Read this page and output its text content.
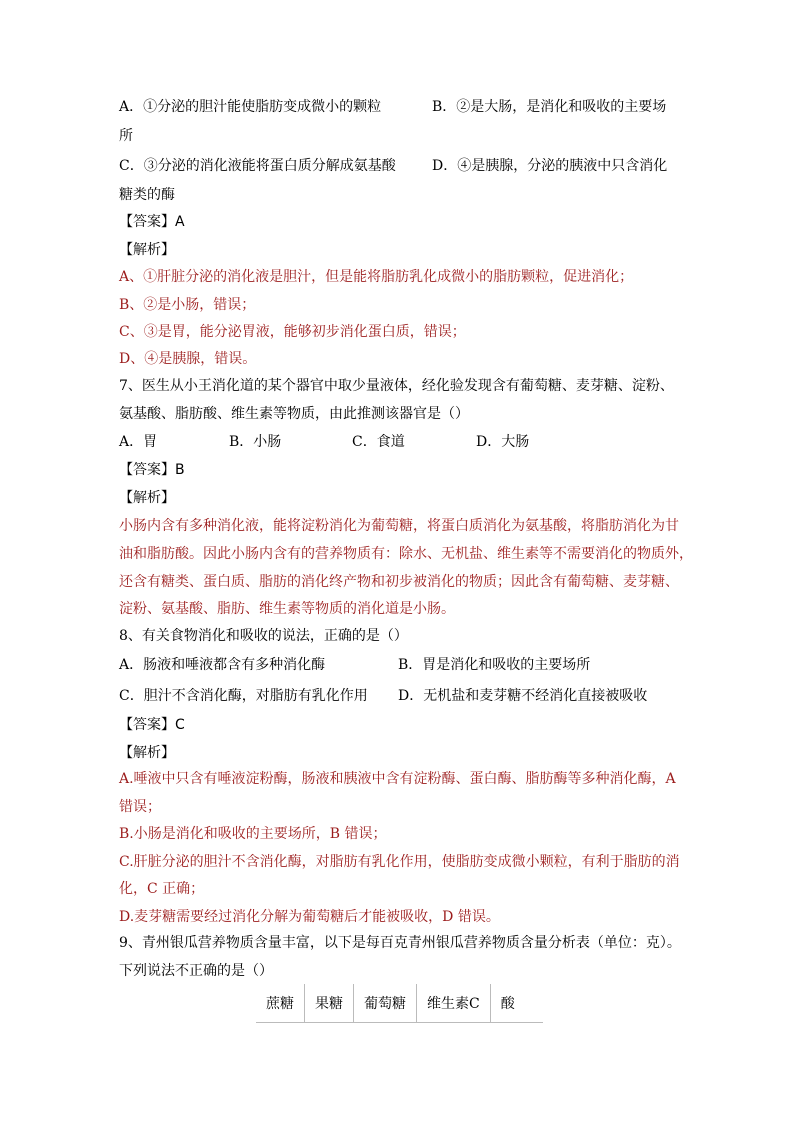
A．①分泌的胆汁能使脂肪变成微小的颗粒	B．②是大肠，是消化和吸收的主要场
所
C．③分泌的消化液能将蛋白质分解成氨基酸	D．④是胰腺，分泌的胰液中只含消化
糖类的酶
【答案】A
【解析】
A、①肝脏分泌的消化液是胆汁，但是能将脂肪乳化成微小的脂肪颗粒，促进消化；
B、②是小肠，错误；
C、③是胃，能分泌胃液，能够初步消化蛋白质，错误；
D、④是胰腺，错误。
7、医生从小王消化道的某个器官中取少量液体，经化验发现含有葡萄糖、麦芽糖、淀粉、
氨基酸、脂肪酸、维生素等物质，由此推测该器官是（）
A．胃	B．小肠	C．食道	D．大肠
【答案】B
【解析】
小肠内含有多种消化液，能将淀粉消化为葡萄糖，将蛋白质消化为氨基酸，将脂肪消化为甘
油和脂肪酸。因此小肠内含有的营养物质有：除水、无机盐、维生素等不需要消化的物质外，
还含有糖类、蛋白质、脂肪的消化终产物和初步被消化的物质；因此含有葡萄糖、麦芽糖、
淀粉、氨基酸、脂肪、维生素等物质的消化道是小肠。
8、有关食物消化和吸收的说法，正确的是（）
A．肠液和唾液都含有多种消化酶	B．胃是消化和吸收的主要场所
C．胆汁不含消化酶，对脂肪有乳化作用 D．无机盐和麦芽糖不经消化直接被吸收
【答案】C
【解析】
A.唾液中只含有唾液淀粉酶，肠液和胰液中含有淀粉酶、蛋白酶、脂肪酶等多种消化酶，A
错误；
B.小肠是消化和吸收的主要场所，B 错误；
C.肝脏分泌的胆汁不含消化酶，对脂肪有乳化作用，使脂肪变成微小颗粒，有利于脂肪的消
化，C 正确；
D.麦芽糖需要经过消化分解为葡萄糖后才能被吸收，D 错误。
9、青州银瓜营养物质含量丰富，以下是每百克青州银瓜营养物质含量分析表（单位：克）。
下列说法不正确的是（）
蔗糖	果糖	葡萄糖	维生素C	酸
